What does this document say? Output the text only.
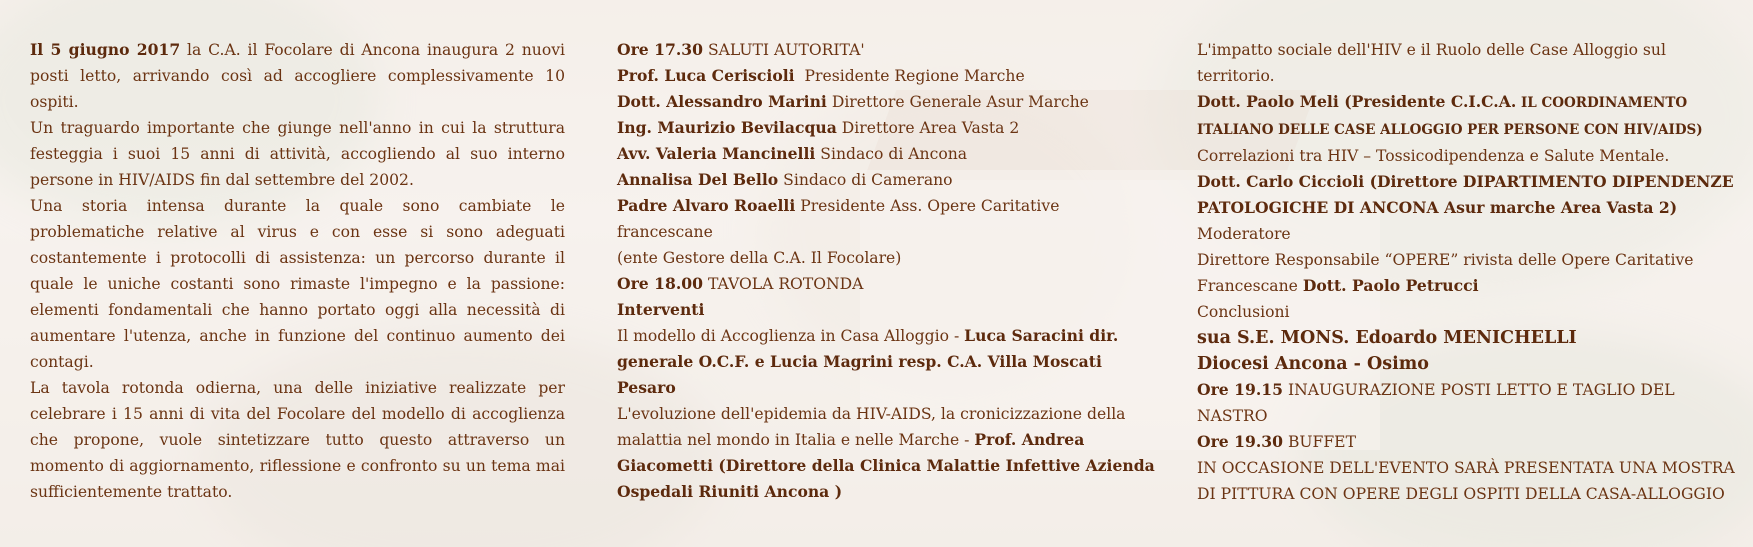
Il 5 giugno 2017 la C.A. il Focolare di Ancona inaugura 2 nuovi posti letto, arrivando così ad accogliere complessivamente 10 ospiti.

Un traguardo importante che giunge nell'anno in cui la struttura festeggia i suoi 15 anni di attività, accogliendo al suo interno persone in HIV/AIDS fin dal settembre del 2002.

Una storia intensa durante la quale sono cambiate le problematiche relative al virus e con esse si sono adeguati costantemente i protocolli di assistenza: un percorso durante il quale le uniche costanti sono rimaste l'impegno e la passione: elementi fondamentali che hanno portato oggi alla necessità di aumentare l'utenza, anche in funzione del continuo aumento dei contagi.

La tavola rotonda odierna, una delle iniziative realizzate per celebrare i 15 anni di vita del Focolare del modello di accoglienza che propone, vuole sintetizzare tutto questo attraverso un momento di aggiornamento, riflessione e confronto su un tema mai sufficientemente trattato.

Ore 17.30 SALUTI AUTORITA'

Prof. Luca Ceriscioli  Presidente Regione Marche

Dott. Alessandro Marini Direttore Generale Asur Marche

Ing. Maurizio Bevilacqua Direttore Area Vasta 2

Avv. Valeria Mancinelli Sindaco di Ancona

Annalisa Del Bello Sindaco di Camerano

Padre Alvaro Roaelli Presidente Ass. Opere Caritative francescane

(ente Gestore della C.A. Il Focolare)

Ore 18.00 TAVOLA ROTONDA

Interventi

Il modello di Accoglienza in Casa Alloggio - Luca Saracini dir. generale O.C.F. e Lucia Magrini resp. C.A. Villa Moscati Pesaro

L'evoluzione dell'epidemia da HIV-AIDS, la cronicizzazione della malattia nel mondo in Italia e nelle Marche - Prof. Andrea Giacometti (Direttore della Clinica Malattie Infettive Azienda Ospedali Riuniti Ancona )

L'impatto sociale dell'HIV e il Ruolo delle Case Alloggio sul territorio.

Dott. Paolo Meli (Presidente C.I.C.A. IL COORDINAMENTO ITALIANO DELLE CASE ALLOGGIO PER PERSONE CON HIV/AIDS)

Correlazioni tra HIV – Tossicodipendenza e Salute Mentale.

Dott. Carlo Ciccioli (Direttore DIPARTIMENTO DIPENDENZE PATOLOGICHE DI ANCONA Asur marche Area Vasta 2)

Moderatore

Direttore Responsabile “OPERE” rivista delle Opere Caritative Francescane Dott. Paolo Petrucci

Conclusioni

sua S.E. MONS. Edoardo MENICHELLI

Diocesi Ancona - Osimo

Ore 19.15 INAUGURAZIONE POSTI LETTO E TAGLIO DEL NASTRO

Ore 19.30 BUFFET

IN OCCASIONE DELL'EVENTO SARÀ PRESENTATA UNA MOSTRA DI PITTURA CON OPERE DEGLI OSPITI DELLA CASA-ALLOGGIO
